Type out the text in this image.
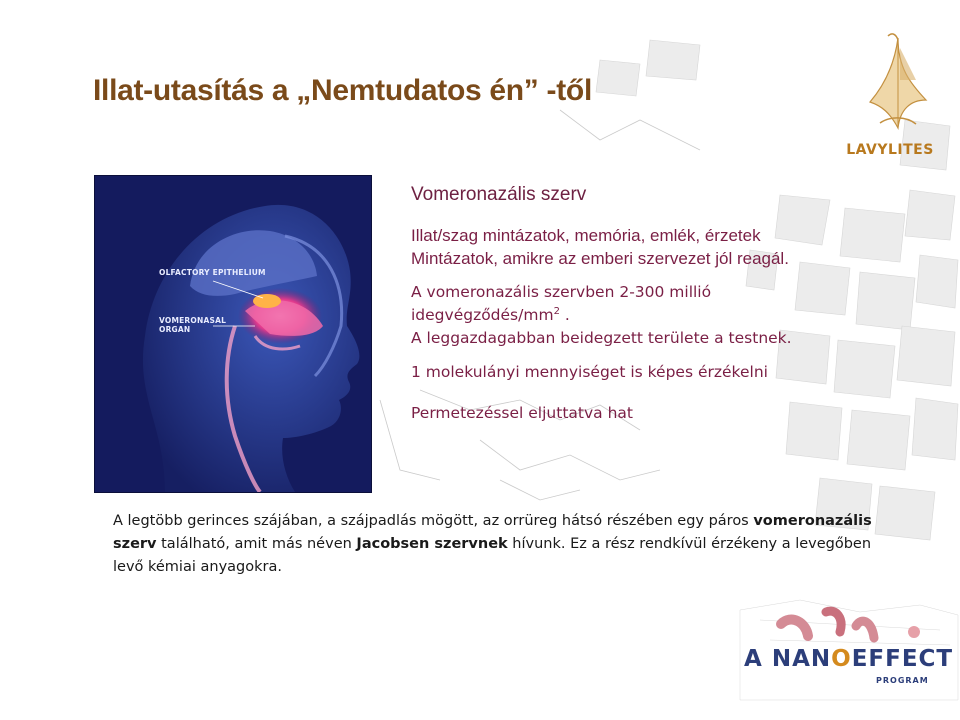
LAVYLITES
Illat-utasítás a „Nemtudatos én” -től
OLFACTORY EPITHELIUM
VOMERONASAL ORGAN

Vomeronazális szerv

Illat/szag mintázatok, memória, emlék, érzetek

Mintázatok, amikre az emberi szervezet jól reagál.

A vomeronazális szervben 2-300 millió

idegvégződés/$mm^2$ .

A leggazdagabban beidegzett területe a testnek.

1 molekulányi mennyiséget is képes érzékelni

Permetezéssel eljuttatva hat

A legtöbb gerinces szájában, a szájpadlás mögött, az orrüreg hátsó részében egy páros vomeronazális szerv található, amit más néven Jacobsen szervnek hívunk. Ez a rész rendkívül érzékeny a levegőben levő kémiai anyagokra.

A NANOEFFECT
PROGRAM
